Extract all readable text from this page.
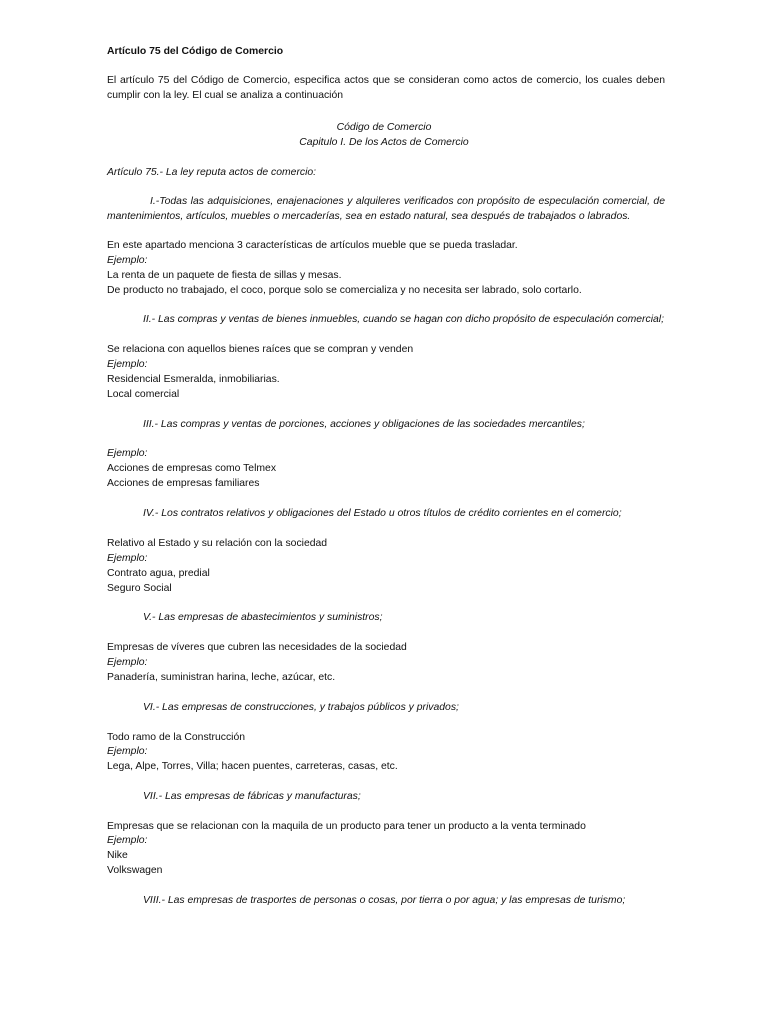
Artículo 75 del Código de Comercio

El artículo 75 del Código de Comercio, especifica actos que se consideran como actos de comercio, los cuales deben cumplir con la ley. El cual se analiza a continuación

Código de Comercio

Capitulo I. De los Actos de Comercio

Artículo 75.- La ley reputa actos de comercio:

I.-Todas las adquisiciones, enajenaciones y alquileres verificados con propósito de especulación comercial, de mantenimientos, artículos, muebles o mercaderías, sea en estado natural, sea después de trabajados o labrados.

En este apartado menciona 3 características de artículos mueble que se pueda trasladar.

Ejemplo:

La renta de un paquete de fiesta de sillas y mesas.

De producto no trabajado, el coco, porque solo se comercializa y no necesita ser labrado, solo cortarlo.

II.- Las compras y ventas de bienes inmuebles, cuando se hagan con dicho propósito de especulación comercial;

Se relaciona con aquellos bienes raíces que se compran y venden

Ejemplo:

Residencial Esmeralda, inmobiliarias.

Local comercial

III.- Las compras y ventas de porciones, acciones y obligaciones de las sociedades mercantiles;

Ejemplo:

Acciones de empresas como Telmex

Acciones de empresas familiares

IV.- Los contratos relativos y obligaciones del Estado u otros títulos de crédito corrientes en el comercio;

Relativo al Estado y su relación con la sociedad

Ejemplo:

Contrato agua, predial

Seguro Social

V.- Las empresas de abastecimientos y suministros;

Empresas de víveres que cubren las necesidades de la sociedad

Ejemplo:

Panadería, suministran harina, leche, azúcar, etc.

VI.- Las empresas de construcciones, y trabajos públicos y privados;

Todo ramo de la Construcción

Ejemplo:

Lega, Alpe, Torres, Villa; hacen puentes, carreteras, casas, etc.

VII.- Las empresas de fábricas y manufacturas;

Empresas que se relacionan con la maquila de un producto para tener un producto a la venta terminado

Ejemplo:

Nike

Volkswagen

VIII.- Las empresas de trasportes de personas o cosas, por tierra o por agua; y las empresas de turismo;
